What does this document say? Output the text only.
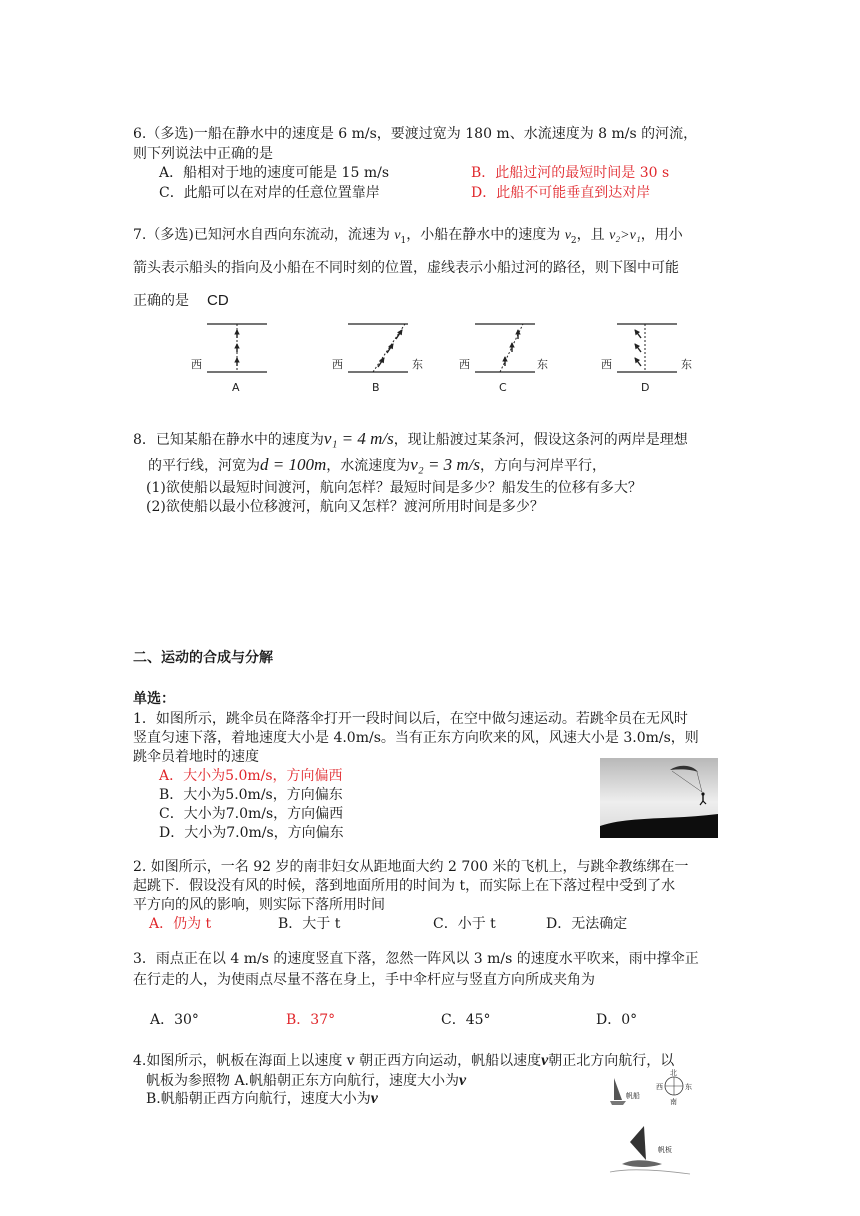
6.（多选)一船在静水中的速度是 6 m/s，要渡过宽为 180 m、水流速度为 8 m/s 的河流，
则下列说法中正确的是
A．船相对于地的速度可能是 15 m/s	B．此船过河的最短时间是 30 s
C．此船可以在对岸的任意位置靠岸	D．此船不可能垂直到达对岸
7.（多选)已知河水自西向东流动，流速为 $v_1$，小船在静水中的速度为 $v_2$，且 v₂>v₁，用小
箭头表示船头的指向及小船在不同时刻的位置，虚线表示小船过河的路径，则下图中可能
正确的是 CD
西
A
西	东
B
西	东
C
西	东
D
8．已知某船在静水中的速度为v₁ = 4 m/s，现让船渡过某条河，假设这条河的两岸是理想
的平行线，河宽为d = 100m，水流速度为v₂ = 3 m/s，方向与河岸平行，
(1)欲使船以最短时间渡河，航向怎样？最短时间是多少？船发生的位移有多大？
(2)欲使船以最小位移渡河，航向又怎样？渡河所用时间是多少？
二、运动的合成与分解
单选：
1．如图所示，跳伞员在降落伞打开一段时间以后，在空中做匀速运动。若跳伞员在无风时
竖直匀速下落，着地速度大小是 4.0m/s。当有正东方向吹来的风，风速大小是 3.0m/s，则
跳伞员着地时的速度
A．大小为5.0m/s，方向偏西
B．大小为5.0m/s，方向偏东
C．大小为7.0m/s，方向偏西
D．大小为7.0m/s，方向偏东
2. 如图所示，一名 92 岁的南非妇女从距地面大约 2 700 米的飞机上，与跳伞教练绑在一
起跳下．假设没有风的时候，落到地面所用的时间为 t，而实际上在下落过程中受到了水
平方向的风的影响，则实际下落所用时间
A．仍为 t	B．大于 t	C．小于 t	D．无法确定
3．雨点正在以 4 m/s 的速度竖直下落，忽然一阵风以 3 m/s 的速度水平吹来，雨中撑伞正
在行走的人，为使雨点尽量不落在身上，手中伞杆应与竖直方向所成夹角为
A．30°	B．37°	C．45°	D．0°
4.如图所示，帆板在海面上以速度 v 朝正西方向运动，帆船以速度v朝正北方向航行，以
帆板为参照物 A.帆船朝正东方向航行，速度大小为v
B.帆船朝正西方向航行，速度大小为v
北
南
西	东
帆船
帆板
